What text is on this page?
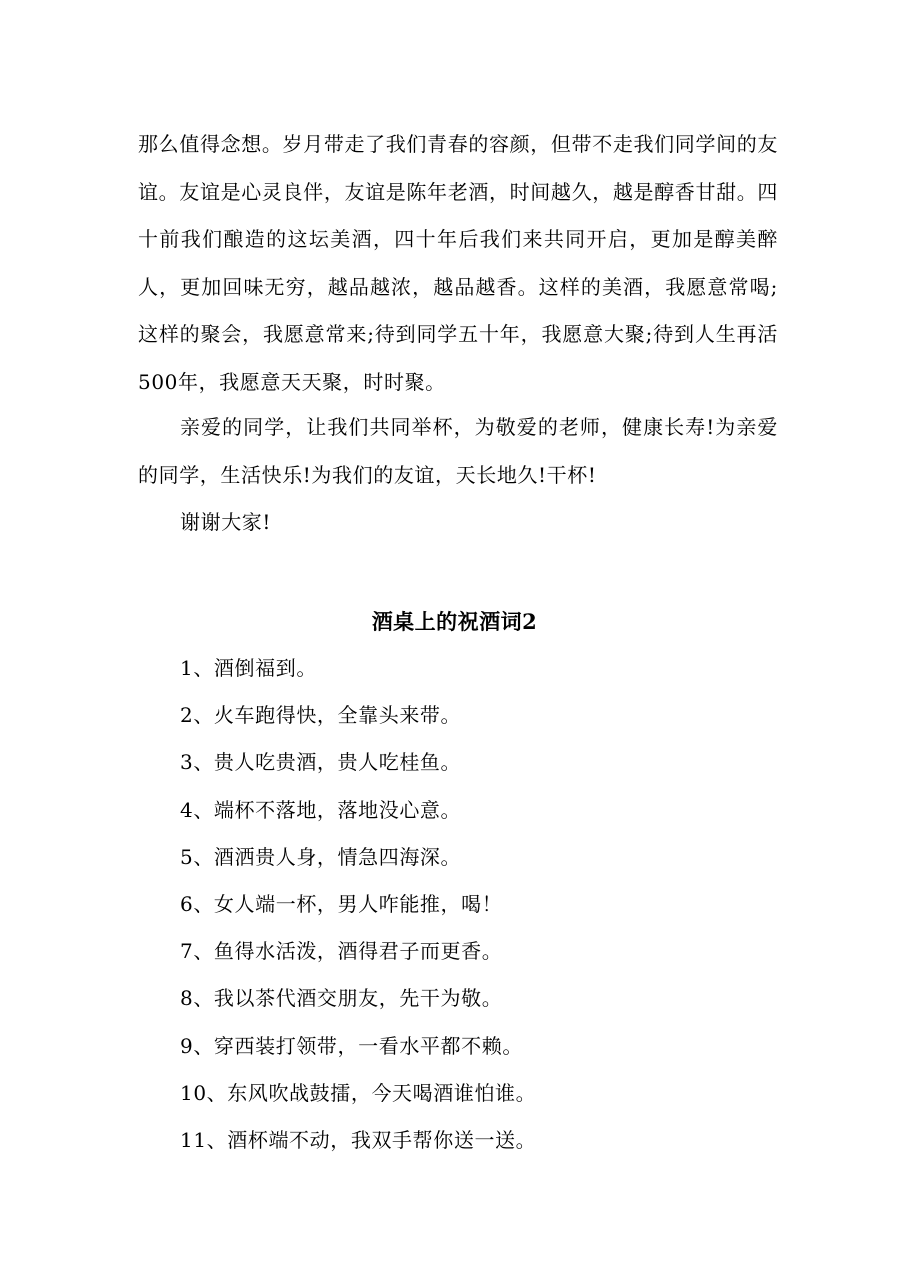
那么值得念想。岁月带走了我们青春的容颜，但带不走我们同学间的友谊。友谊是心灵良伴，友谊是陈年老酒，时间越久，越是醇香甘甜。四十前我们酿造的这坛美酒，四十年后我们来共同开启，更加是醇美醉人，更加回味无穷，越品越浓，越品越香。这样的美酒，我愿意常喝;这样的聚会，我愿意常来;待到同学五十年，我愿意大聚;待到人生再活500年，我愿意天天聚，时时聚。

亲爱的同学，让我们共同举杯，为敬爱的老师，健康长寿!为亲爱的同学，生活快乐!为我们的友谊，天长地久!干杯!

谢谢大家!

酒桌上的祝酒词2
1、酒倒福到。
2、火车跑得快，全靠头来带。
3、贵人吃贵酒，贵人吃桂鱼。
4、端杯不落地，落地没心意。
5、酒洒贵人身，情急四海深。
6、女人端一杯，男人咋能推，喝！
7、鱼得水活泼，酒得君子而更香。
8、我以茶代酒交朋友，先干为敬。
9、穿西装打领带，一看水平都不赖。
10、东风吹战鼓擂，今天喝酒谁怕谁。
11、酒杯端不动，我双手帮你送一送。
